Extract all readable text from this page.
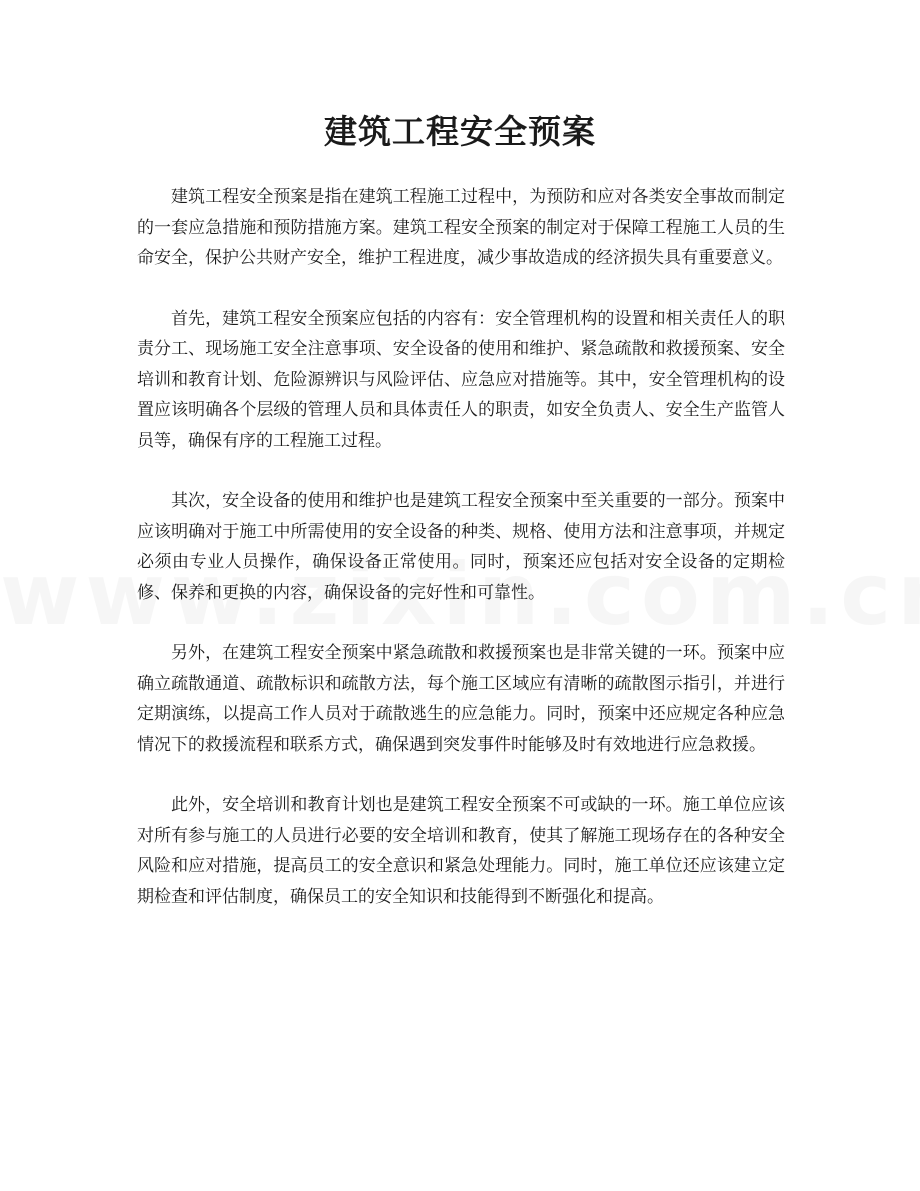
建筑工程安全预案

建筑工程安全预案是指在建筑工程施工过程中，为预防和应对各类安全事故而制定的一套应急措施和预防措施方案。建筑工程安全预案的制定对于保障工程施工人员的生命安全，保护公共财产安全，维护工程进度，减少事故造成的经济损失具有重要意义。

首先，建筑工程安全预案应包括的内容有：安全管理机构的设置和相关责任人的职责分工、现场施工安全注意事项、安全设备的使用和维护、紧急疏散和救援预案、安全培训和教育计划、危险源辨识与风险评估、应急应对措施等。其中，安全管理机构的设置应该明确各个层级的管理人员和具体责任人的职责，如安全负责人、安全生产监管人员等，确保有序的工程施工过程。

其次，安全设备的使用和维护也是建筑工程安全预案中至关重要的一部分。预案中应该明确对于施工中所需使用的安全设备的种类、规格、使用方法和注意事项，并规定必须由专业人员操作，确保设备正常使用。同时，预案还应包括对安全设备的定期检修、保养和更换的内容，确保设备的完好性和可靠性。

另外，在建筑工程安全预案中紧急疏散和救援预案也是非常关键的一环。预案中应确立疏散通道、疏散标识和疏散方法，每个施工区域应有清晰的疏散图示指引，并进行定期演练，以提高工作人员对于疏散逃生的应急能力。同时，预案中还应规定各种应急情况下的救援流程和联系方式，确保遇到突发事件时能够及时有效地进行应急救援。

此外，安全培训和教育计划也是建筑工程安全预案不可或缺的一环。施工单位应该对所有参与施工的人员进行必要的安全培训和教育，使其了解施工现场存在的各种安全风险和应对措施，提高员工的安全意识和紧急处理能力。同时，施工单位还应该建立定期检查和评估制度，确保员工的安全知识和技能得到不断强化和提高。
